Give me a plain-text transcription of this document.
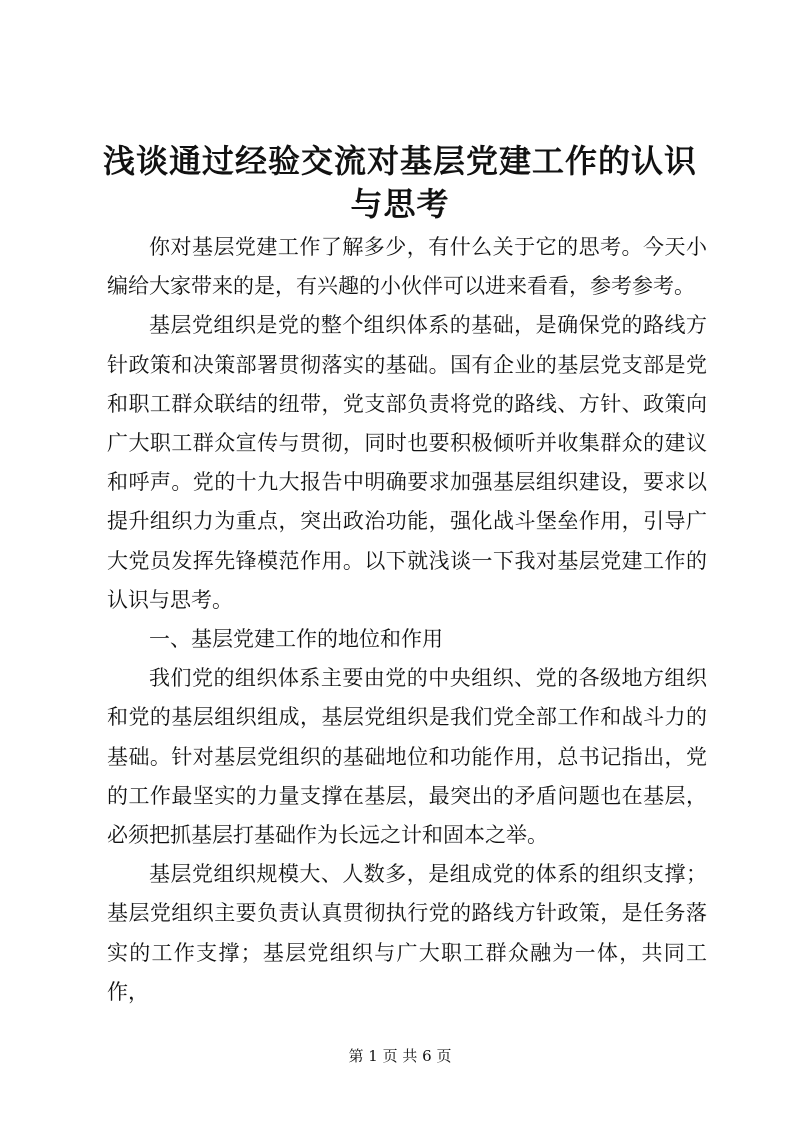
浅谈通过经验交流对基层党建工作的认识与思考

你对基层党建工作了解多少，有什么关于它的思考。今天小编给大家带来的是，有兴趣的小伙伴可以进来看看，参考参考。

基层党组织是党的整个组织体系的基础，是确保党的路线方针政策和决策部署贯彻落实的基础。国有企业的基层党支部是党和职工群众联结的纽带，党支部负责将党的路线、方针、政策向广大职工群众宣传与贯彻，同时也要积极倾听并收集群众的建议和呼声。党的十九大报告中明确要求加强基层组织建设，要求以提升组织力为重点，突出政治功能，强化战斗堡垒作用，引导广大党员发挥先锋模范作用。以下就浅谈一下我对基层党建工作的认识与思考。

一、基层党建工作的地位和作用

我们党的组织体系主要由党的中央组织、党的各级地方组织和党的基层组织组成，基层党组织是我们党全部工作和战斗力的基础。针对基层党组织的基础地位和功能作用，总书记指出，党的工作最坚实的力量支撑在基层，最突出的矛盾问题也在基层，必须把抓基层打基础作为长远之计和固本之举。

基层党组织规模大、人数多，是组成党的体系的组织支撑；基层党组织主要负责认真贯彻执行党的路线方针政策，是任务落实的工作支撑；基层党组织与广大职工群众融为一体，共同工作，

第 1 页 共 6 页
